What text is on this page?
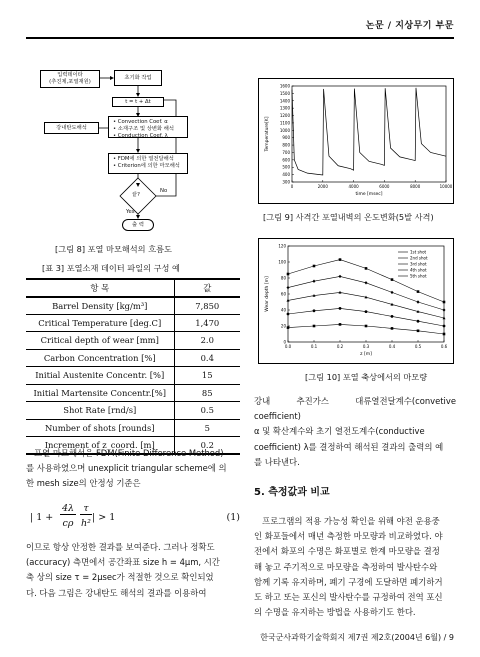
논문 / 지상무기 부문
입력데이타
(추진제,포열재원)
초기화 작업
t = t + Δt
강내탄도해석
• Convection Coef. α
• 소재구조 및 상변화 해석
• Conduction Coef. λ
• FDM에 의한 열전달해석
• Criterion에 의한 마모해석
끝?
No
Yes
출 력
[그림 8] 포열 마모해석의 흐름도
[표 3] 포열소재 데이터 파일의 구성 예
항 목	값
Barrel Density [kg/m³]	7,850
Critical Temperature [deg.C]	1,470
Critical depth of wear [mm]	2.0
Carbon Concentration [%]	0.4
Initial Austenite Concentr. [%]	15
Initial Martensite Concentr.[%]	85
Shot Rate [rnd/s]	0.5
Number of shots [rounds]	5
Increment of z_coord. [m]	0.2
포열 마모해석은 FDM(Finite Difference Method)
를 사용하였으며 unexplicit triangular scheme에 의
한 mesh size의 안정성 기준은
| 1 +
4λ
cρ
τ
h²
| > 1	(1)
이므로 항상 안정한 결과를 보여준다. 그러나 정확도
(accuracy) 측면에서 공간좌표 size h = 4μm, 시간
축 상의 size τ = 2μsec가 적절한 것으로 확인되었
다. 다음 그림은 강내탄도 해석의 결과를 이용하여
1600
1500
1400
1300
1200
1100
1000
900
800
700
600
500
400
300
0	2000	4000	6000	8000	10000
time [msec]
Temperature[K]
[그림 9] 사격간 포열내벽의 온도변화(5발 사격)
120
100
80
60
40
20
0
0.0	0.1	0.2	0.3	0.4	0.5	0.6
z [m]
Wear depth [m]
1st shot
2nd shot
3rd shot
4th shot
5th shot
[그림 10] 포열 축상에서의 마모량
강내 추진가스 대류열전달계수(convetive coefficient)
α 및 확산계수와 초기 열전도계수(conductive
coefficient) λ를 결정하여 해석된 결과의 출력의 예
를 나타낸다.
5. 측정값과 비교
프로그램의 적용 가능성 확인을 위해 야전 운용중
인 화포들에서 매년 측정한 마모량과 비교하였다. 야
전에서 화포의 수명은 화포별로 한계 마모량을 결정
해 놓고 주기적으로 마모량을 측정하여 발사탄수와
함께 기록 유지하며, 폐기 구경에 도달하면 폐기하거
도 하고 또는 포신의 발사탄수를 규정하여 전역 포신
의 수명을 유지하는 방법을 사용하기도 한다.
한국군사과학기술학회지 제7권 제2호(2004년 6월) / 9
